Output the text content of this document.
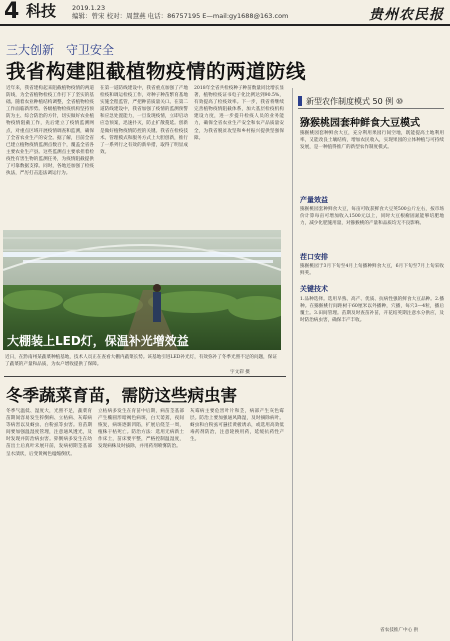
4 科技 2019.1.23
编辑：曾宋 校对：周慧燕 电话：86757195 E—mail:gy1688@163.com	贵州农民报
三大创新　守卫安全
我省构建阻截植物疫情的两道防线
近年来，我省建构起来阻截植物疫情的两道防线，为全省植物检疫工作打下了坚实的基础。随着农业种植结构调整，全省植物检疫工作面临新形势。各级植物检疫机构坚持预防为主、综合防治的方针，切实做好农业植物疫情阻截工作，先后建立了疫情监测网点，对重点区域开展疫情调查和监测，确保了全省农业生产的安全。据了解，目前全省已建立植物疫情监测点数百个，覆盖全省各主要农业生产县。这些监测点主要承担着检疫性有害生物的监测任务，为疫情阻截提供了可靠数据支撑。同时，各地还加强了检疫执法，严厉打击违法调运行为。
在第一道防线建设中，我省重点加强了产地检疫和调运检疫工作，对种子种苗繁育基地实施全程监管，严把种苗质量关口。在第二道防线建设中，我省加强了疫情的监测预警和应急处置能力，一旦发现疫情，立即启动应急预案，迅速扑灭，防止扩散蔓延。创新是做好植物疫情防控的关键。我省在检疫技术、管理模式和服务方式上大胆创新，推行了一系列行之有效的新举措，取得了明显成效。
2018年全省共检疫种子种苗数量同比增长显著，植物检疫证书电子化比例达到90.5%，有效提高了检疫效率。下一步，我省将继续完善植物疫情阻截体系，加大基层检疫机构建设力度，进一步提升检疫人员的业务能力，确保全省农业生产安全和农产品质量安全，为我省脱贫攻坚和乡村振兴提供坚强保障。
大棚装上LED灯，保温补光增效益
近日，在黔南州某蔬菜种植基地，技术人员正在查看大棚内蔬菜长势。该基地引进LED补光灯，有效弥补了冬季光照不足的问题，保证了蔬菜的产量和品质，为农户增收提供了保障。
宇文彩 摄
冬季蔬菜育苗，需防这些病虫害
冬季气温低、湿度大，光照不足，蔬菜育苗期间容易发生猝倒病、立枯病、灰霉病等病害以及蚜虫、白粉虱等虫害。育苗期间要加强温湿度管理，注意通风透光，及时发现并防治病虫害。猝倒病多发生在幼苗出土后真叶未展开前，发病初期茎基部呈水渍状，后变黄褐色缢缩倒伏。
立枯病多发生在育苗中后期，病苗茎基部产生椭圆形暗褐色病斑，白天萎蔫，夜间恢复，病斑逐渐凹陷，扩展后绕茎一周，植株干枯死亡。防治方法：选用无病新土作床土，苗床要平整，严格控制温湿度，发现病株及时拔除，并用药剂喷雾防治。
灰霉病主要危害叶片和茎，病部产生灰色霉层。防治上要加强通风降湿，及时摘除病叶。蚜虫和白粉虱可悬挂黄板诱杀，或选用高效低毒药剂防治，注意轮换用药，延缓抗药性产生。
新型农作制度模式 50 例 ⑩
猕猴桃园套种鲜食大豆模式
猕猴桃园套种鲜食大豆，充分利用果园行间空地，既能提高土地利用率，又能改良土壤结构，增加农民收入，实现果园的立体种植与可持续发展，是一种值得推广的新型农作制度模式。
产量效益
猕猴桃园套种鲜食大豆，每亩可收获鲜食大豆荚500公斤左右，按市场价计算每亩可增加收入1500元以上，同时大豆根瘤固氮能够培肥地力，减少化肥施用量，对猕猴桃的产量和品质均无不良影响。
茬口安排
猕猴桃园于3月下旬至4月上旬播种鲜食大豆，6月下旬至7月上旬采收鲜荚。
关键技术
1.品种选择。选用早熟、高产、优质、抗病性强的鲜食大豆品种。2.播种。在猕猴桃行间距树干60厘米以外播种，穴播，每穴3—4粒，播后覆土。3.田间管理。苗期及时查苗补苗，开花结荚期注意水分供应，及时防治病虫害，确保丰产丰收。
省农技推广中心 供
